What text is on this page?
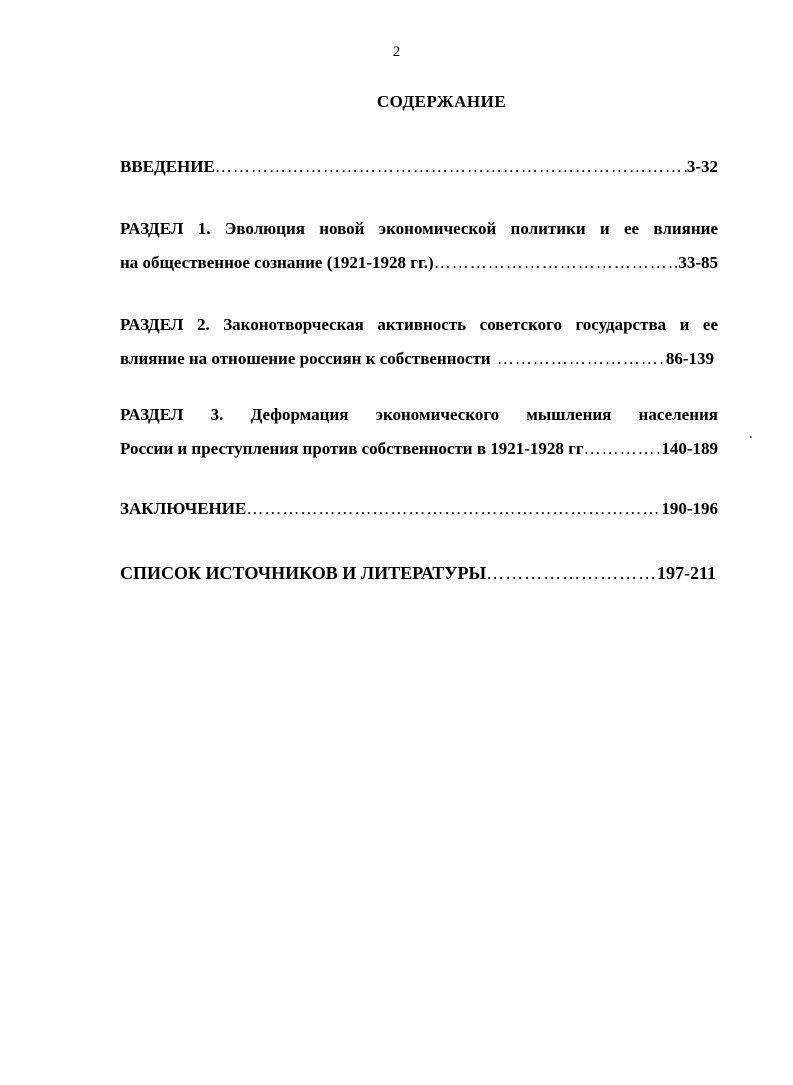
2
СОДЕРЖАНИЕ
ВВЕДЕНИЕ ………………………………………………………………………………………………………………………………………………………………………	3-32
РАЗДЕЛ 1. Эволюция новой экономической политики и ее влияние
на общественное сознание (1921-1928 гг.) ………………………………………………………………………………………………………………………………………………………………………	33-85
РАЗДЕЛ 2. Законотворческая активность советского государства и ее
влияние на отношение россиян к собственности ………………………………………………………………………………………………………………………………………………………………………	86-139
РАЗДЕЛ 3. Деформация экономического мышления населения
России и преступления против собственности в 1921-1928 гг ………………………………………………………………………………………………………………………………………………………………………	140-189
ЗАКЛЮЧЕНИЕ ………………………………………………………………………………………………………………………………………………………………………	190-196
СПИСОК ИСТОЧНИКОВ И ЛИТЕРАТУРЫ ………………………………………………………………………………………………………………………………………………………………………	197-211
